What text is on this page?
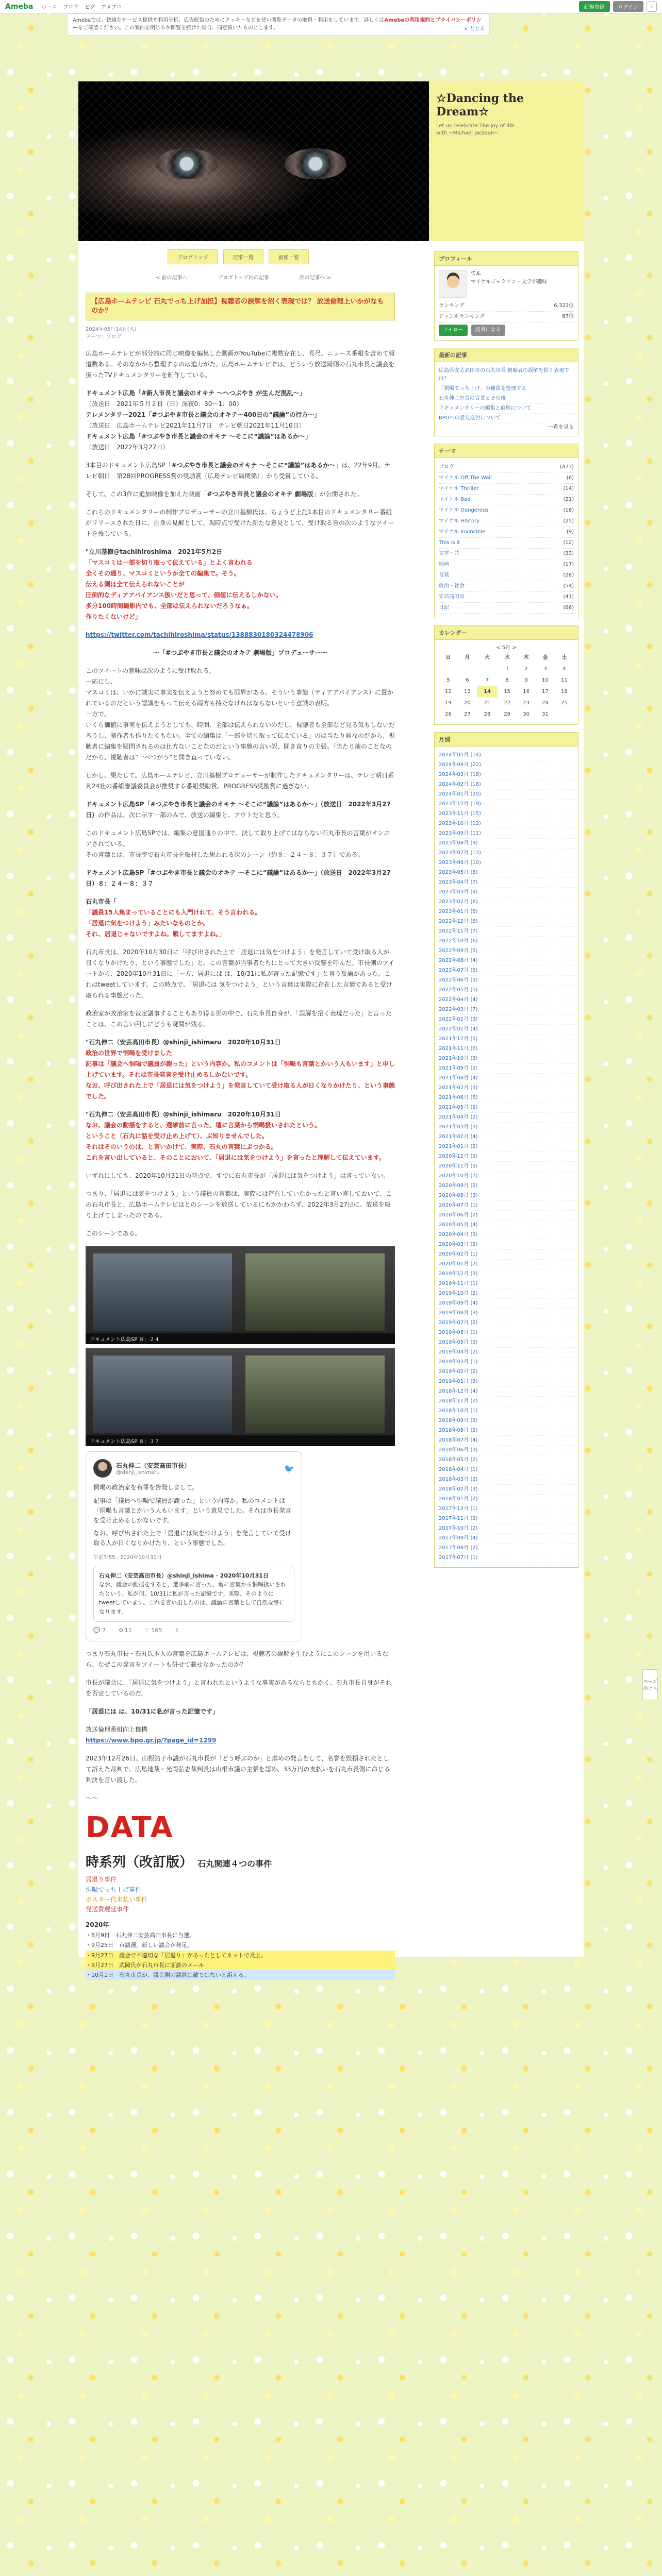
Ameba ホーム ブログ ピグ アメブロ	新規登録	ログイン	⌕
Amebaでは、快適なサービス提供や利用分析、広告配信のためにクッキーなどを使い閲覧データの取得・利用をしています。詳しくはAmebaの利用規約とプライバシーポリシーをご確認ください。この案内を閉じるか閲覧を続けた場合、同意頂いたものとします。	× とじる
☆Dancing the Dream☆
Let us celebrate The joy of life
with ~Michael Jackson~
ブログトップ	記事一覧	画像一覧
< 前の記事へ	ブログトップ内の記事	次の記事へ >
【広島ホームテレビ 石丸でっち上げ加担】視聴者の誤解を招く表現では？ 放送倫理上いかがなものか？
2024年05月14日(火)
テーマ：ブログ

広島ホームテレビが部分的に同じ映像を編集した動画がYouTubeに複数存在し、長尺、ニュース番組を含めて報道数ある。そのなかから整理するのは迫力がた。広島ホームテレビでは、どういう放送局側の石丸市長と議会を扱ったTVドキュメンタリーを制作している。

ドキュメント広島「#新人市長と議会のオキテ 〜ヘつぶやき が生んだ混乱〜」
（放送日　2021年５月２日（日）深夜0：30〜1：00）
テレメンタリー2021「#つぶやき市長と議会のオキテ〜400日の“議論”の行方〜」
（放送日　広島ホームテレビ2021年11月7日　テレビ朝日2021年11月10日）
ドキュメント広島「#つぶやき市長と議会のオキテ 〜そこに“議論”はあるか〜」
（放送日　2022年3月27日）

3本目のドキュメント広島SP「#つぶやき市長と議会のオキテ 〜そこに“議論”はあるか〜」は、22年9月、テレビ朝日　第28回PROGRESS賞の奨励賞（広島テレビ局関係）」から受賞している。

そして、この3作に追加映像を加えた映画「#つぶやき市長と議会のオキテ 劇場版」が公開された。

これらのドキュメンタリーの制作プロデューサーの立川基樹氏は、ちょうど上記1本目のドキュメンタリー番組がリリースされた日に、自身の見解として、現時点で受けた新たな意見として、受け取る旨の次のようなツイートを残している。

"立川基樹@tachihiroshima　2021年5月2日
「マスコミは一部を切り取って伝えている」とよく言われる
全くその通り、マスコミというか全ての編集で。そう。
伝える側は全て伝えられないことが
圧倒的なディアアバイアンス扱いだと思って、価値に伝えるしかない。
多分100時間撮影内でも、全部は伝えられないだろうなぁ。
作りたくないけど」

https://twitter.com/tachihiroshima/status/1388830180324478906

〜「#つぶやき市長と議会のオキテ 劇場版」プロデューサー〜

このツイートの意味は次のように受け取れる。
一応にし、
マスコミは、いかに誠実に事実を伝えようと努めても限界がある。そういう事態（ディアアバイアンス）に置かれているのだという認識をもって伝える両方も持たなければならないという意識の表明。
一方で、
いくら価値に事実を伝えようとしても、時間、全部は伝えられないのだし、視聴者も全部など見る気もしないだろうし、制作者も作りたくもない。全ての編集は「一部を切り取って伝えている」のは当たり前なのだから、視聴者に編集を疑問されるのは仕方ないことなのだという事態の言い訳、開き直りの主張。「当たり前のことなのだから、視聴者は“一ベつがう”と開き直っていない。

しかし、果たして。広島ホームテレビ、立川基樹プロデューサーが制作したドキュメンタリーは、テレビ朝日系列24社の番組審議委員会が推奨する番組奨励賞、PROGRESS奨励賞に過ぎない。

ドキュメント広島SP「#つぶやき市長と議会のオキテ 〜そこに“議論”はあるか〜」（放送日　2022年3月27日）の作品は、次に示す一部のみで、放送の編集と、アウトだと思う。

このドキュメント広島SPでは、編集の意図通りの中で、決して取り上げてはならない石丸市長の言葉がオンエアされている。
その言葉とは、市長室で石丸市長を取材した思われる次のシーン（約８：２４〜８：３７）である。

ドキュメント広島SP「#つぶやき市長と議会のオキテ 〜そこに“議論”はあるか〜」（放送日　2022年3月27日）８：２４〜８：３７

石丸市長「
「議員15人集まっていることにも入門けれて、そう言われる。
「居退に気をつけよう」みたいなものとか。
それ、居退じゃないですよね。戦してますよね。」

石丸市長は、2020年10月30日に「呼び出された上で「居退には気をつけよう」を発言していて受け取る人が日くなりかけたり、という事態でした」と。この言葉が当事者たちにとって大きい反響を呼んだ。市長側のツイートから、2020年10月31日に「一方、居退には は、10/31に私が言った記憶です」と言う反論があった。これはtweetしています。この時点で、「居退には 気をつけよう」という言葉は実際に存在した言葉であると受け取られる事態だった。

政治家が政治家を裁定議事することもあり得る世の中で、石丸市長自身が、「誤解を招く表現だった」と言ったことは、この言い回しにどうも疑問が残る。

"石丸伸二（安芸高田市長）@shinji_ishimaru　2020年10月31日
政治の世界で恫喝を受けました
記事は「議会へ恫喝で議員が謝った」という内容か。私のコメントは「恫喝も言葉とかいう人もいます」と申し上げています。それは市長発言を受け止めるしかないです。
なお、呼び出された上で「居退には気をつけよう」を発言していて受け取る人が日くなりかけたり、という事態でした。

"石丸伸二（安芸高田市長）@shinji_ishimaru　2020年10月31日
なお、議会の動揺をすると、選挙前に言った、壇に言葉から恫喝扱いされたという。
ということ（石丸に話を受け止め上げて）、ぶ知りませんでした。
それはそのいうのは、と言いかけて、実際、石丸の言葉にぶつかる。
これを言い出していると、そのことにおいて、「居退には気をつけよう」を言ったと理解して伝えています。

いずれにしても、2020年10月31日の時点で、すでに石丸市長が「居退には気をつけよう」は言っていない。

つまり、「居退には気をつけよう」という議員の言葉は、実際には存在していなかったと言い直しておいて、この石丸市長と、広島ホームテレビはとのシーンを放送しているにもかかわらず、2022年3月27日に、放送を取り上げてしまったのである。

このシーンである。

ドキュメント広島SP ８：２４
ドキュメント広島SP ８：３７
石丸伸二（安芸高田市長）
@shinji_ishimaru	🐦
恫喝の政治家を有罪を告発しまして。
記事は「議員へ恫喝で議員が謝った」という内容か。私のコメントは「恫喝も言葉とかいう人もいます」という意見でした。それは市長発言を受け止めるしかないです。
なお、呼び出された上で「居退には気をつけよう」を発言していて受け取る人が日くなりかけたり、という事態でした。
午前7:55 · 2020年10月31日
石丸伸二（安芸高田市長）@shinji_ishima · 2020年10月31日
なお、議会の動揺をすると、選挙前に言った、壇に言葉から恫喝扱いされたという。私が何、10/31に私が言った記憶です。実際、そのようにtweetしています。これを言い出したのは、議論の言葉として自然な事になります。
💬 7 ⟲ 11 ♡ 165 ⇧

つまり石丸市長・石丸氏本人の言葉を広島ホームテレビは、視聴者の誤解を生むようにこのシーンを用いるなら、なぜこの発言をツイートも併せて載せなかったのか？

市長が議会に、「居退に気をつけよう」と言われたというような事実があるならともかく、石丸市長自身がそれを否定しているのだ。

「居退には は、10/31に私が言った記憶です」

放送倫理番組向上機構
https://www.bpo.gr.jp/?page_id=1299

2023年12月26日、山根浩子市議が石丸市長が「どう呼ぶのか」と虐めの発言をして、名誉を毀損されたとして訴えた裁判で、広島地裁・光岡弘志裁判長は山根市議の主張を認め、33万円の支払いを石丸市長側に命じる判決を言い渡した。

〜〜

DATA
時系列（改訂版） 石丸関連４つの事件
居退り事件
恫喝でっち上げ事件
ポスター代未払い事件
発送費遅延事件
2020年
・8月9日　石丸伸二安芸高田市長に当選。
・9月25日　市議選、新しい議会が発足。
・9月27日　議会で不適切な「居退り」があったとしてネットで炎上。
・9月27日　武岡氏が石丸市長に面談のメール
・10月1日　石丸市長が、議会側の議員は敵ではないと訴える。
プロフィール
てん
マイケルジャクソン・文学が趣味
ランキング	6,323位
ジャンルランキング	87位
フォロー 読者になる
最新の記事
広島県安芸高田市の石丸市長 視聴者の誤解を招く表現では？
「恫喝でっち上げ」の構図を整理する
石丸伸二市長の言葉とその後
ドキュメンタリーの編集と倫理について
BPOへの意見送付について
一覧を見る
テーマ
ブログ	(473)
マイケル Off The Wall	(6)
マイケル Thriller	(14)
マイケル Bad	(21)
マイケル Dangerous	(18)
マイケル HIStory	(25)
マイケル Invincible	(9)
This is it	(12)
文学・詩	(33)
映画	(17)
音楽	(28)
政治・社会	(54)
安芸高田市	(41)
日記	(66)
カレンダー
< 5月 >
日	月	火	水	木	金	土
			1	2	3	4
5	6	7	8	9	10	11
12	13	14	15	16	17	18
19	20	21	22	23	24	25
26	27	28	29	30	31	
月別
2024年05月 (14)
2024年04月 (22)
2024年03月 (18)
2024年02月 (16)
2024年01月 (20)
2023年12月 (19)
2023年11月 (15)
2023年10月 (12)
2023年09月 (11)
2023年08月 (9)
2023年07月 (13)
2023年06月 (10)
2023年05月 (8)
2023年04月 (7)
2023年03月 (9)
2023年02月 (6)
2023年01月 (5)
2022年12月 (8)
2022年11月 (7)
2022年10月 (6)
2022年09月 (5)
2022年08月 (4)
2022年07月 (6)
2022年06月 (3)
2022年05月 (5)
2022年04月 (4)
2022年03月 (7)
2022年02月 (3)
2022年01月 (4)
2021年12月 (5)
2021年11月 (6)
2021年10月 (3)
2021年09月 (2)
2021年08月 (4)
2021年07月 (3)
2021年06月 (5)
2021年05月 (6)
2021年04月 (2)
2021年03月 (3)
2021年02月 (4)
2021年01月 (2)
2020年12月 (3)
2020年11月 (5)
2020年10月 (7)
2020年09月 (2)
2020年08月 (3)
2020年07月 (1)
2020年06月 (2)
2020年05月 (4)
2020年04月 (3)
2020年03月 (2)
2020年02月 (1)
2020年01月 (2)
2019年12月 (3)
2019年11月 (1)
2019年10月 (2)
2019年09月 (4)
2019年08月 (3)
2019年07月 (2)
2019年06月 (1)
2019年05月 (3)
2019年04月 (2)
2019年03月 (1)
2019年02月 (2)
2019年01月 (3)
2018年12月 (4)
2018年11月 (2)
2018年10月 (1)
2018年09月 (3)
2018年08月 (2)
2018年07月 (4)
2018年06月 (3)
2018年05月 (2)
2018年04月 (1)
2018年03月 (2)
2018年02月 (3)
2018年01月 (2)
2017年12月 (1)
2017年11月 (3)
2017年10月 (2)
2017年09月 (4)
2017年08月 (2)
2017年07月 (1)
ページの上へ
